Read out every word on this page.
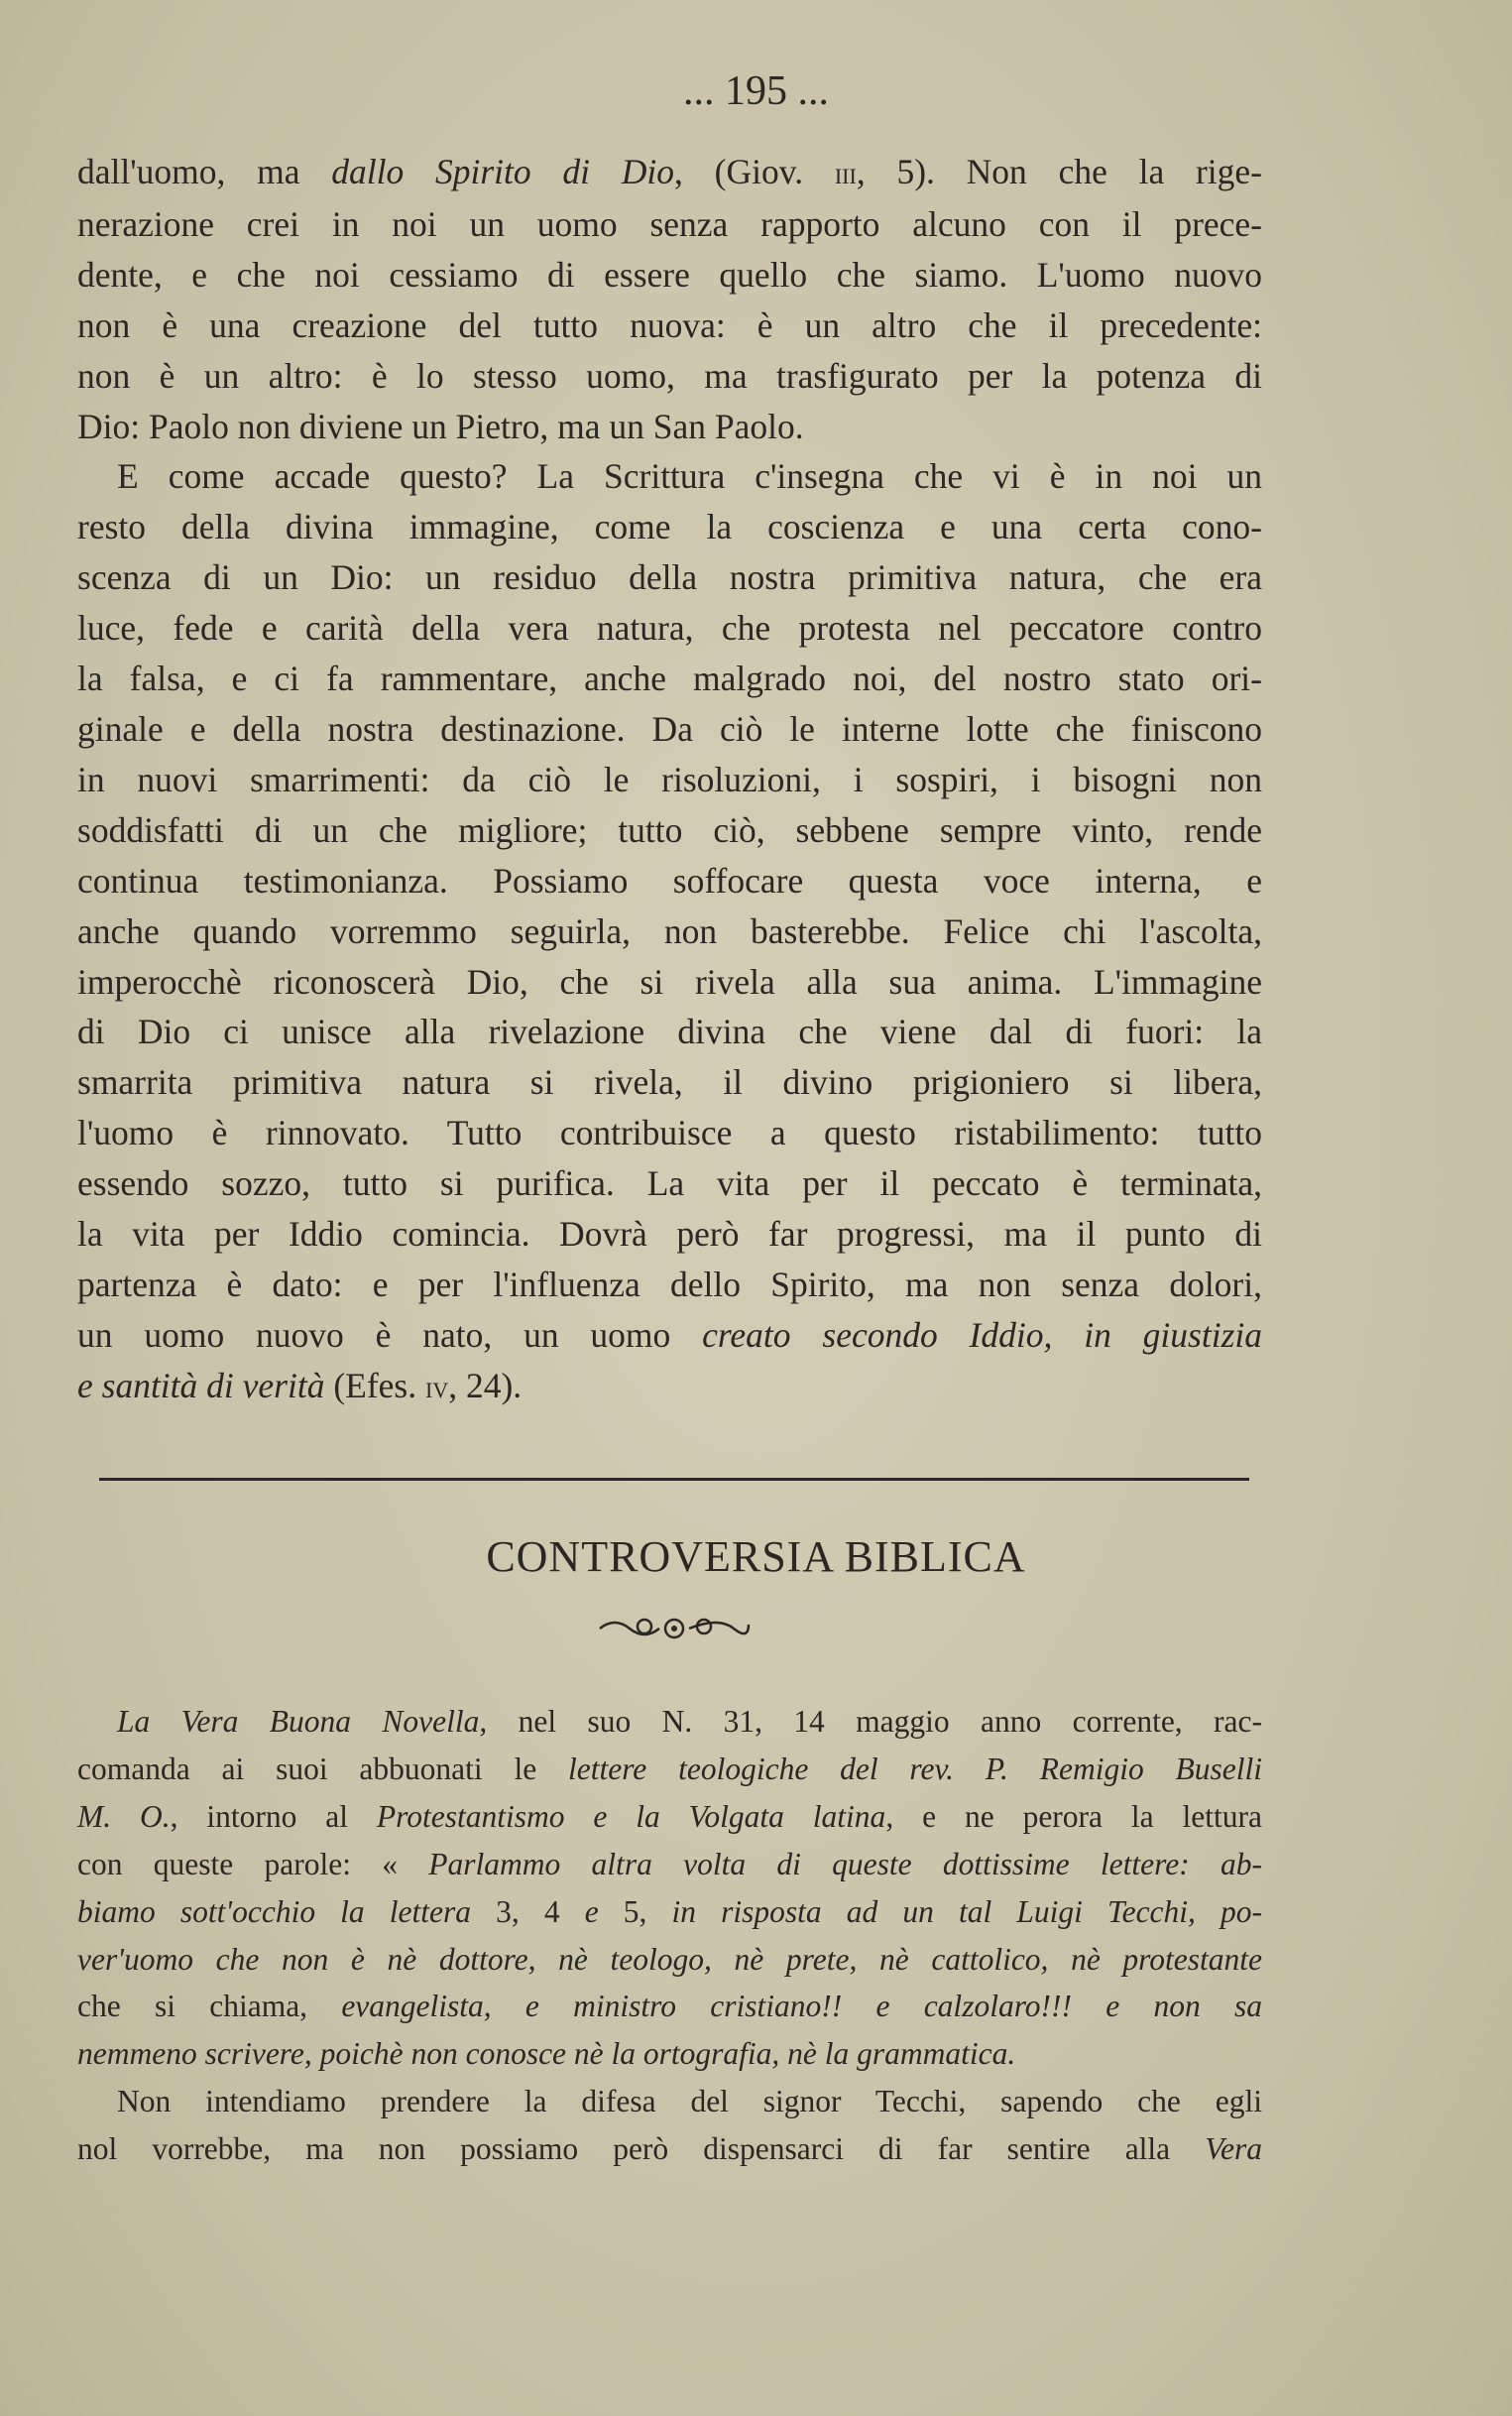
... 195 ...
dall'uomo, ma dallo Spirito di Dio, (Giov. iii, 5). Non che la rige-
nerazione crei in noi un uomo senza rapporto alcuno con il prece-
dente, e che noi cessiamo di essere quello che siamo. L'uomo nuovo
non è una creazione del tutto nuova: è un altro che il precedente:
non è un altro: è lo stesso uomo, ma trasfigurato per la potenza di
Dio: Paolo non diviene un Pietro, ma un San Paolo.
E come accade questo? La Scrittura c'insegna che vi è in noi un
resto della divina immagine, come la coscienza e una certa cono-
scenza di un Dio: un residuo della nostra primitiva natura, che era
luce, fede e carità della vera natura, che protesta nel peccatore contro
la falsa, e ci fa rammentare, anche malgrado noi, del nostro stato ori-
ginale e della nostra destinazione. Da ciò le interne lotte che finiscono
in nuovi smarrimenti: da ciò le risoluzioni, i sospiri, i bisogni non
soddisfatti di un che migliore; tutto ciò, sebbene sempre vinto, rende
continua testimonianza. Possiamo soffocare questa voce interna, e
anche quando vorremmo seguirla, non basterebbe. Felice chi l'ascolta,
imperocchè riconoscerà Dio, che si rivela alla sua anima. L'immagine
di Dio ci unisce alla rivelazione divina che viene dal di fuori: la
smarrita primitiva natura si rivela, il divino prigioniero si libera,
l'uomo è rinnovato. Tutto contribuisce a questo ristabilimento: tutto
essendo sozzo, tutto si purifica. La vita per il peccato è terminata,
la vita per Iddio comincia. Dovrà però far progressi, ma il punto di
partenza è dato: e per l'influenza dello Spirito, ma non senza dolori,
un uomo nuovo è nato, un uomo creato secondo Iddio, in giustizia
e santità di verità (Efes. iv, 24).
CONTROVERSIA BIBLICA
La Vera Buona Novella, nel suo N. 31, 14 maggio anno corrente, rac-
comanda ai suoi abbuonati le lettere teologiche del rev. P. Remigio Buselli
M. O., intorno al Protestantismo e la Volgata latina, e ne perora la lettura
con queste parole: « Parlammo altra volta di queste dottissime lettere: ab-
biamo sott'occhio la lettera 3, 4 e 5, in risposta ad un tal Luigi Tecchi, po-
ver'uomo che non è nè dottore, nè teologo, nè prete, nè cattolico, nè protestante
che si chiama, evangelista, e ministro cristiano!! e calzolaro!!! e non sa
nemmeno scrivere, poichè non conosce nè la ortografia, nè la grammatica.
Non intendiamo prendere la difesa del signor Tecchi, sapendo che egli
nol vorrebbe, ma non possiamo però dispensarci di far sentire alla Vera
